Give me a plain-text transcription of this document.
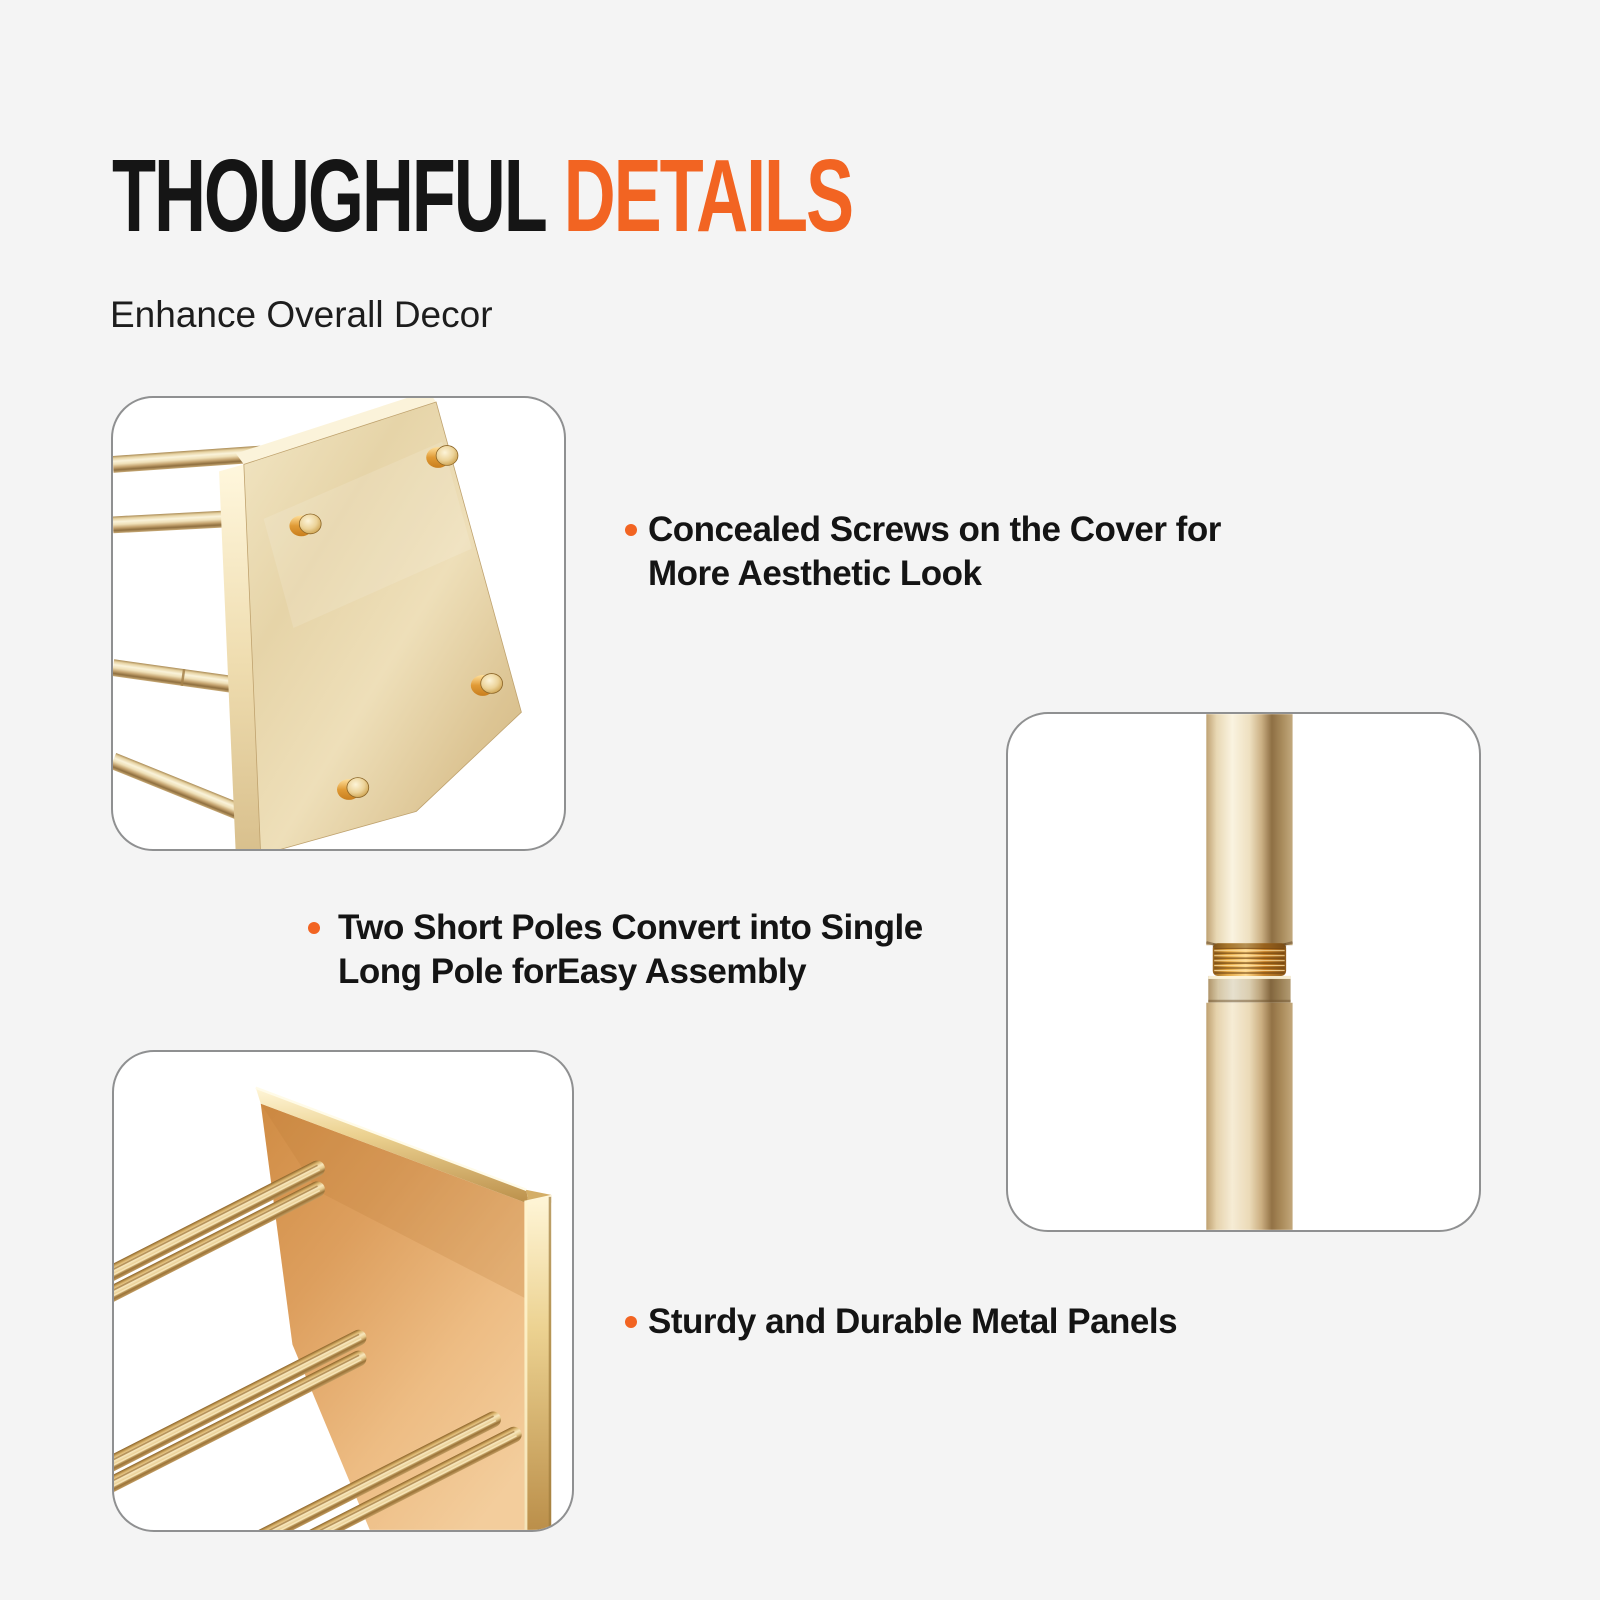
THOUGHFUL DETAILS

Enhance Overall Decor

Concealed Screws on the Cover for
More Aesthetic Look
Two Short Poles Convert into Single
Long Pole forEasy Assembly
Sturdy and Durable Metal Panels
